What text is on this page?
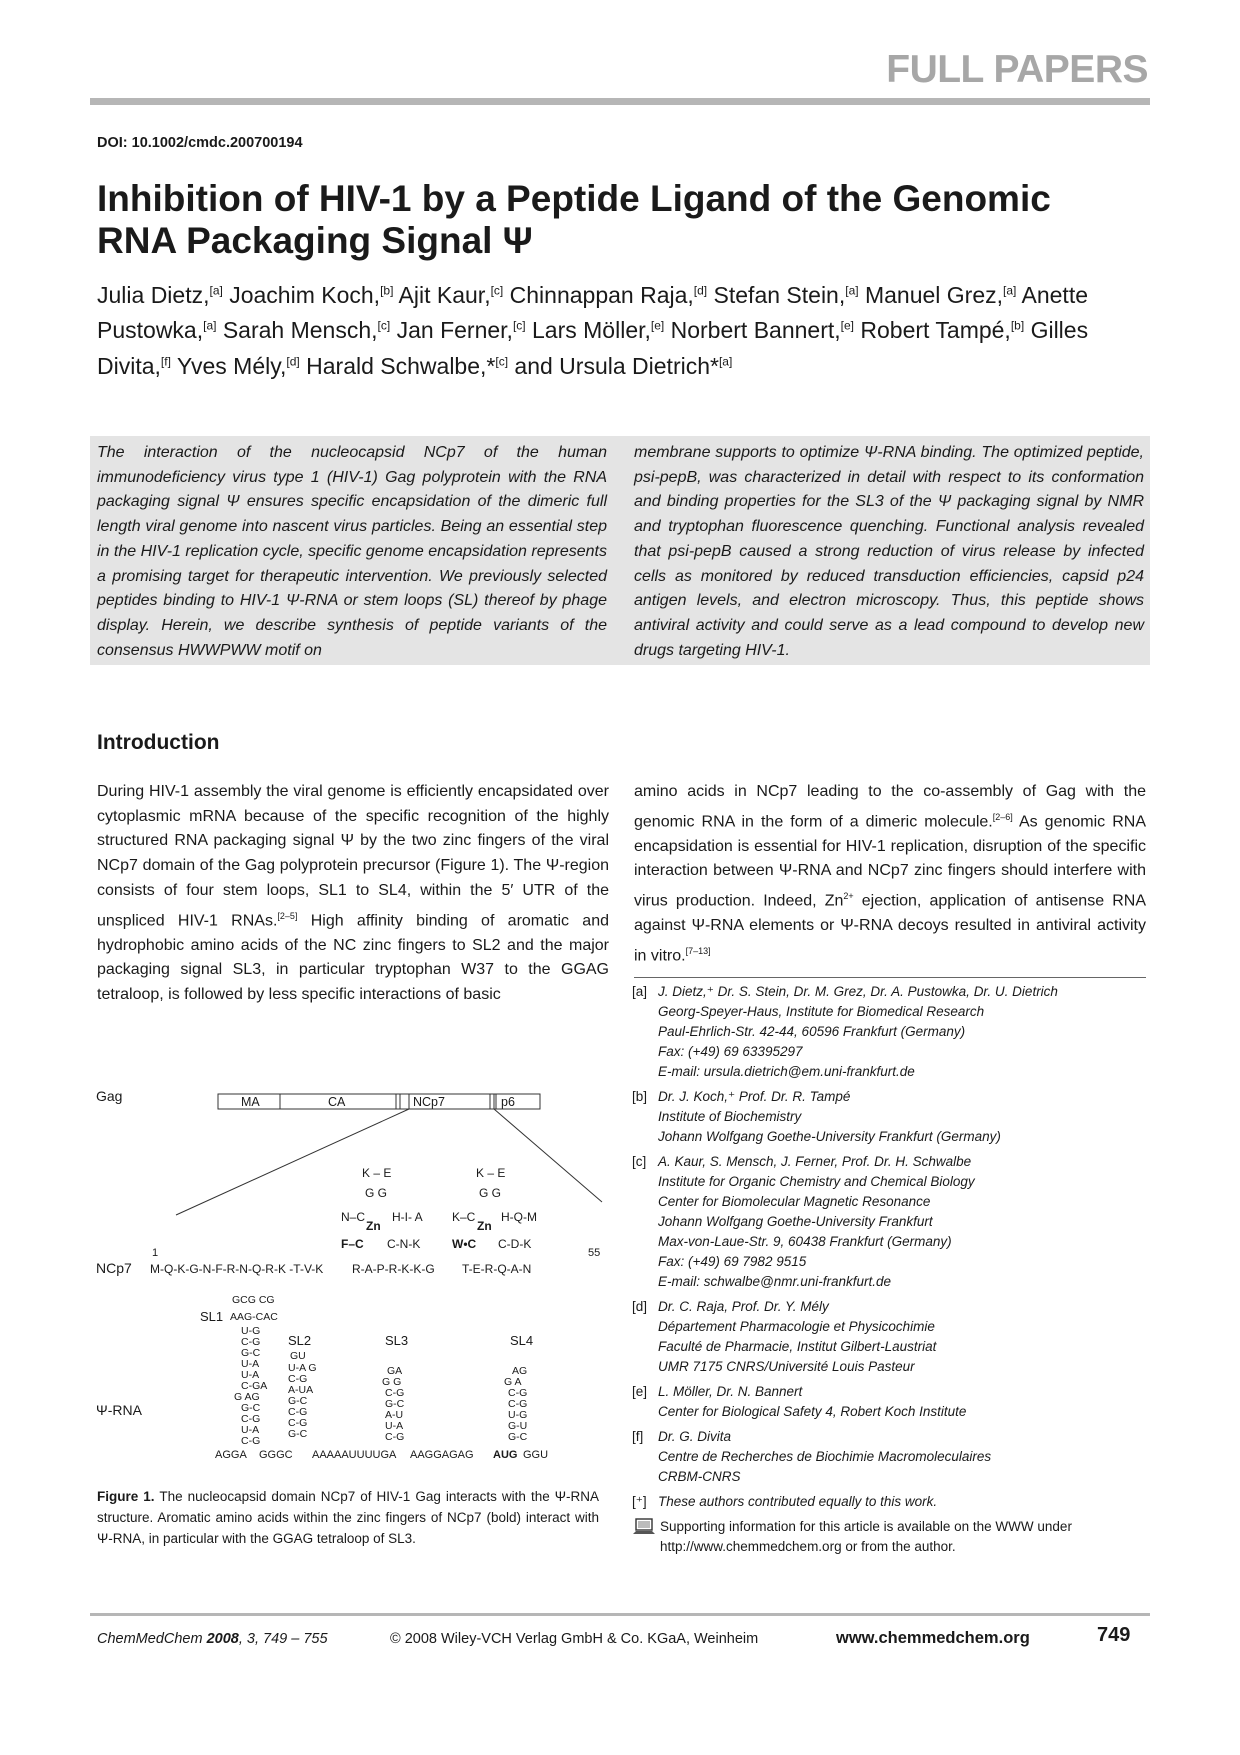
FULL PAPERS
DOI: 10.1002/cmdc.200700194
Inhibition of HIV-1 by a Peptide Ligand of the Genomic RNA Packaging Signal Ψ
Julia Dietz,[a] Joachim Koch,[b] Ajit Kaur,[c] Chinnappan Raja,[d] Stefan Stein,[a] Manuel Grez,[a] Anette Pustowka,[a] Sarah Mensch,[c] Jan Ferner,[c] Lars Möller,[e] Norbert Bannert,[e] Robert Tampé,[b] Gilles Divita,[f] Yves Mély,[d] Harald Schwalbe,*[c] and Ursula Dietrich*[a]
The interaction of the nucleocapsid NCp7 of the human immunodeficiency virus type 1 (HIV-1) Gag polyprotein with the RNA packaging signal Ψ ensures specific encapsidation of the dimeric full length viral genome into nascent virus particles. Being an essential step in the HIV-1 replication cycle, specific genome encapsidation represents a promising target for therapeutic intervention. We previously selected peptides binding to HIV-1 Ψ-RNA or stem loops (SL) thereof by phage display. Herein, we describe synthesis of peptide variants of the consensus HWWPWW motif on
membrane supports to optimize Ψ-RNA binding. The optimized peptide, psi-pepB, was characterized in detail with respect to its conformation and binding properties for the SL3 of the Ψ packaging signal by NMR and tryptophan fluorescence quenching. Functional analysis revealed that psi-pepB caused a strong reduction of virus release by infected cells as monitored by reduced transduction efficiencies, capsid p24 antigen levels, and electron microscopy. Thus, this peptide shows antiviral activity and could serve as a lead compound to develop new drugs targeting HIV-1.
Introduction
During HIV-1 assembly the viral genome is efficiently encapsidated over cytoplasmic mRNA because of the specific recognition of the highly structured RNA packaging signal Ψ by the two zinc fingers of the viral NCp7 domain of the Gag polyprotein precursor (Figure 1). The Ψ-region consists of four stem loops, SL1 to SL4, within the 5′ UTR of the unspliced HIV-1 RNAs.[2–5] High affinity binding of aromatic and hydrophobic amino acids of the NC zinc fingers to SL2 and the major packaging signal SL3, in particular tryptophan W37 to the GGAG tetraloop, is followed by less specific interactions of basic
amino acids in NCp7 leading to the co-assembly of Gag with the genomic RNA in the form of a dimeric molecule.[2–6] As genomic RNA encapsidation is essential for HIV-1 replication, disruption of the specific interaction between Ψ-RNA and NCp7 zinc fingers should interfere with virus production. Indeed, $Zn^{2+}$ ejection, application of antisense RNA against Ψ-RNA elements or Ψ-RNA decoys resulted in antiviral activity in vitro.[7–13]
Gag
NCp7
Ψ-RNA
MA	CA	NCp7	p6
K – E
G G
N–C H-I- A
Zn
F–C C-N-K
K – E
G G
K–C H-Q-M
Zn
W•C C-D-K
1	55
M-Q-K-G-N-F-R-N-Q-R-K -T-V-K R-A-P-R-K-K-G T-E-R-Q-A-N
SL1
SL2	SL3	SL4
GCG CG
AAG-CAC
U-G
C-G
G-C
U-A
U-A
C-GA
G AG
G-C
C-G
U-A
C-G
GU
U-A G
C-G
A-UA
G-C
C-G
C-G
G-C
GA
G G
C-G
G-C
A-U
U-A
C-G
AG
G A
C-G
C-G
U-G
G-U
G-C
AGGA GGGC AAAAAUUUUGA AAGGAGAG AUG GGU
Figure 1. The nucleocapsid domain NCp7 of HIV-1 Gag interacts with the Ψ-RNA structure. Aromatic amino acids within the zinc fingers of NCp7 (bold) interact with Ψ-RNA, in particular with the GGAG tetraloop of SL3.
[a] J. Dietz,⁺ Dr. S. Stein, Dr. M. Grez, Dr. A. Pustowka, Dr. U. Dietrich
Georg-Speyer-Haus, Institute for Biomedical Research
Paul-Ehrlich-Str. 42-44, 60596 Frankfurt (Germany)
Fax: (+49) 69 63395297
E-mail: ursula.dietrich@em.uni-frankfurt.de
[b] Dr. J. Koch,⁺ Prof. Dr. R. Tampé
Institute of Biochemistry
Johann Wolfgang Goethe-University Frankfurt (Germany)
[c] A. Kaur, S. Mensch, J. Ferner, Prof. Dr. H. Schwalbe
Institute for Organic Chemistry and Chemical Biology
Center for Biomolecular Magnetic Resonance
Johann Wolfgang Goethe-University Frankfurt
Max-von-Laue-Str. 9, 60438 Frankfurt (Germany)
Fax: (+49) 69 7982 9515
E-mail: schwalbe@nmr.uni-frankfurt.de
[d] Dr. C. Raja, Prof. Dr. Y. Mély
Département Pharmacologie et Physicochimie
Faculté de Pharmacie, Institut Gilbert-Laustriat
UMR 7175 CNRS/Université Louis Pasteur
[e] L. Möller, Dr. N. Bannert
Center for Biological Safety 4, Robert Koch Institute
[f]	Dr. G. Divita
Centre de Recherches de Biochimie Macromoleculaires
CRBM-CNRS
[⁺] These authors contributed equally to this work.
Supporting information for this article is available on the WWW under
http://www.chemmedchem.org or from the author.
ChemMedChem 2008, 3, 749 – 755	© 2008 Wiley-VCH Verlag GmbH & Co. KGaA, Weinheim	www.chemmedchem.org	749
